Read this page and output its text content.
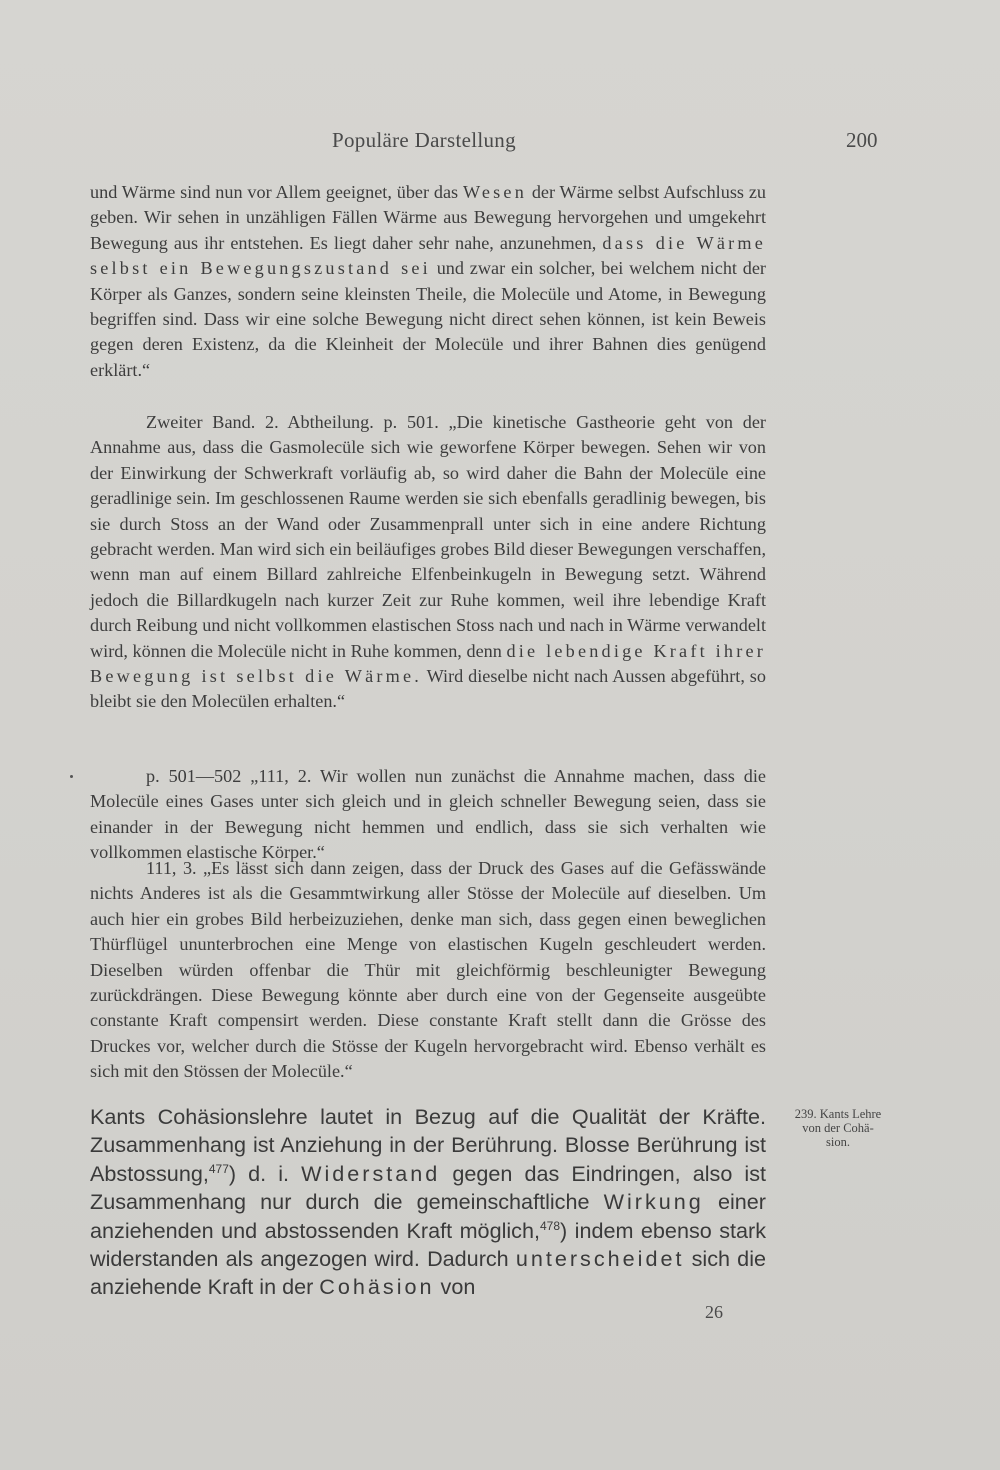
Populäre Darstellung	200

und Wärme sind nun vor Allem geeignet, über das Wesen der Wärme selbst Aufschluss zu geben. Wir sehen in unzähligen Fällen Wärme aus Bewegung hervorgehen und umgekehrt Bewegung aus ihr entstehen. Es liegt daher sehr nahe, anzunehmen, dass die Wärme selbst ein Bewegungszustand sei und zwar ein solcher, bei welchem nicht der Körper als Ganzes, sondern seine kleinsten Theile, die Molecüle und Atome, in Bewegung begriffen sind. Dass wir eine solche Bewegung nicht direct sehen können, ist kein Beweis gegen deren Existenz, da die Kleinheit der Molecüle und ihrer Bahnen dies genügend erklärt.“

Zweiter Band. 2. Abtheilung. p. 501. „Die kinetische Gastheorie geht von der Annahme aus, dass die Gasmolecüle sich wie geworfene Körper bewegen. Sehen wir von der Einwirkung der Schwerkraft vorläufig ab, so wird daher die Bahn der Molecüle eine geradlinige sein. Im geschlossenen Raume werden sie sich ebenfalls geradlinig bewegen, bis sie durch Stoss an der Wand oder Zusammenprall unter sich in eine andere Richtung gebracht werden. Man wird sich ein beiläufiges grobes Bild dieser Bewegungen verschaffen, wenn man auf einem Billard zahlreiche Elfenbeinkugeln in Bewegung setzt. Während jedoch die Billardkugeln nach kurzer Zeit zur Ruhe kommen, weil ihre lebendige Kraft durch Reibung und nicht vollkommen elastischen Stoss nach und nach in Wärme verwandelt wird, können die Molecüle nicht in Ruhe kommen, denn die lebendige Kraft ihrer Bewegung ist selbst die Wärme. Wird dieselbe nicht nach Aussen abgeführt, so bleibt sie den Molecülen erhalten.“

p. 501—502 „111, 2. Wir wollen nun zunächst die Annahme machen, dass die Molecüle eines Gases unter sich gleich und in gleich schneller Bewegung seien, dass sie einander in der Bewegung nicht hemmen und endlich, dass sie sich verhalten wie vollkommen elastische Körper.“

111, 3. „Es lässt sich dann zeigen, dass der Druck des Gases auf die Gefässwände nichts Anderes ist als die Gesammtwirkung aller Stösse der Molecüle auf dieselben. Um auch hier ein grobes Bild herbeizuziehen, denke man sich, dass gegen einen beweglichen Thürflügel ununterbrochen eine Menge von elastischen Kugeln geschleudert werden. Dieselben würden offenbar die Thür mit gleichförmig beschleunigter Bewegung zurückdrängen. Diese Bewegung könnte aber durch eine von der Gegenseite ausgeübte constante Kraft compensirt werden. Diese constante Kraft stellt dann die Grösse des Druckes vor, welcher durch die Stösse der Kugeln hervorgebracht wird. Ebenso verhält es sich mit den Stössen der Molecüle.“

Kants Cohäsionslehre lautet in Bezug auf die Qualität der Kräfte. Zusammenhang ist Anziehung in der Berührung. Blosse Berührung ist Abstossung,$^{477}$) d. i. Widerstand gegen das Eindringen, also ist Zusammenhang nur durch die gemeinschaftliche Wirkung einer anziehenden und abstossenden Kraft möglich,$^{478}$) indem ebenso stark widerstanden als angezogen wird. Dadurch unterscheidet sich die anziehende Kraft in der Cohäsion von

239. Kants Lehre
von der Cohä-
sion.
26
